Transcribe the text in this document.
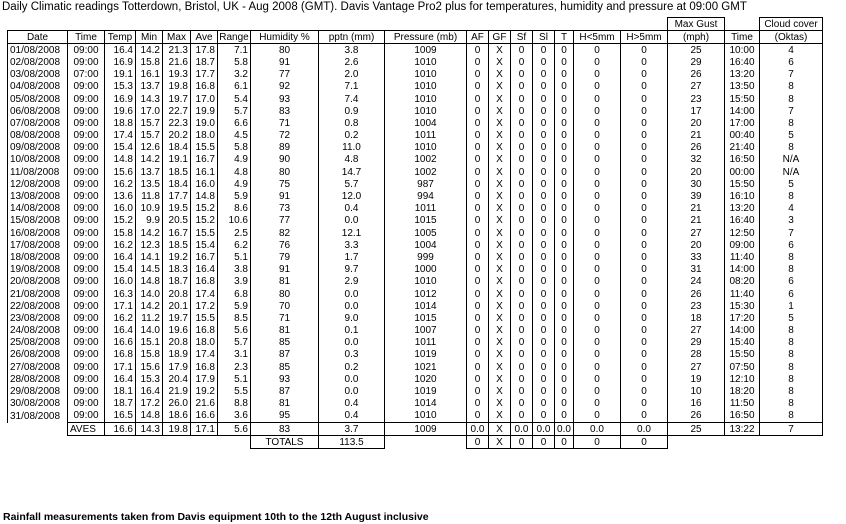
Daily Climatic readings Totterdown, Bristol, UK - Aug 2008 (GMT). Davis Vantage Pro2 plus for temperatures, humidity and pressure at 09:00 GMT
																	Max Gust		Cloud cover
Date	Time	Temp	Min	Max	Ave	Range	Humidity %	pptn (mm)	Pressure (mb)	AF	GF	Sf	Sl	T	H<5mm	H>5mm	(mph)	Time	(Oktas)
01/08/2008	09:00	16.4	14.2	21.3	17.8	7.1	80	3.8	1009	0	X	0	0	0	0	0	25	10:00	4
02/08/2008	09:00	16.9	15.8	21.6	18.7	5.8	91	2.6	1010	0	X	0	0	0	0	0	29	16:40	6
03/08/2008	07:00	19.1	16.1	19.3	17.7	3.2	77	2.0	1010	0	X	0	0	0	0	0	26	13:20	7
04/08/2008	09:00	15.3	13.7	19.8	16.8	6.1	92	7.1	1010	0	X	0	0	0	0	0	27	13:50	8
05/08/2008	09:00	16.9	14.3	19.7	17.0	5.4	93	7.4	1010	0	X	0	0	0	0	0	23	15:50	8
06/08/2008	09:00	19.6	17.0	22.7	19.9	5.7	83	0.9	1010	0	X	0	0	0	0	0	17	14:00	7
07/08/2008	09:00	18.8	15.7	22.3	19.0	6.6	71	0.8	1004	0	X	0	0	0	0	0	20	17:00	8
08/08/2008	09:00	17.4	15.7	20.2	18.0	4.5	72	0.2	1011	0	X	0	0	0	0	0	21	00:40	5
09/08/2008	09:00	15.4	12.6	18.4	15.5	5.8	89	11.0	1010	0	X	0	0	0	0	0	26	21:40	8
10/08/2008	09:00	14.8	14.2	19.1	16.7	4.9	90	4.8	1002	0	X	0	0	0	0	0	32	16:50	N/A
11/08/2008	09:00	15.6	13.7	18.5	16.1	4.8	80	14.7	1002	0	X	0	0	0	0	0	20	00:00	N/A
12/08/2008	09:00	16.2	13.5	18.4	16.0	4.9	75	5.7	987	0	X	0	0	0	0	0	30	15:50	5
13/08/2008	09:00	13.6	11.8	17.7	14.8	5.9	91	12.0	994	0	X	0	0	0	0	0	39	16:10	8
14/08/2008	09:00	16.0	10.9	19.5	15.2	8.6	73	0.4	1011	0	X	0	0	0	0	0	21	13:20	4
15/08/2008	09:00	15.2	9.9	20.5	15.2	10.6	77	0.0	1015	0	X	0	0	0	0	0	21	16:40	3
16/08/2008	09:00	15.8	14.2	16.7	15.5	2.5	82	12.1	1005	0	X	0	0	0	0	0	27	12:50	7
17/08/2008	09:00	16.2	12.3	18.5	15.4	6.2	76	3.3	1004	0	X	0	0	0	0	0	20	09:00	6
18/08/2008	09:00	16.4	14.1	19.2	16.7	5.1	79	1.7	999	0	X	0	0	0	0	0	33	11:40	8
19/08/2008	09:00	15.4	14.5	18.3	16.4	3.8	91	9.7	1000	0	X	0	0	0	0	0	31	14:00	8
20/08/2008	09:00	16.0	14.8	18.7	16.8	3.9	81	2.9	1010	0	X	0	0	0	0	0	24	08:20	6
21/08/2008	09:00	16.3	14.0	20.8	17.4	6.8	80	0.0	1012	0	X	0	0	0	0	0	26	11:40	6
22/08/2008	09:00	17.1	14.2	20.1	17.2	5.9	70	0.0	1014	0	X	0	0	0	0	0	23	15:30	1
23/08/2008	09:00	16.2	11.2	19.7	15.5	8.5	71	9.0	1015	0	X	0	0	0	0	0	18	17:20	5
24/08/2008	09:00	16.4	14.0	19.6	16.8	5.6	81	0.1	1007	0	X	0	0	0	0	0	27	14:00	8
25/08/2008	09:00	16.6	15.1	20.8	18.0	5.7	85	0.0	1011	0	X	0	0	0	0	0	29	15:40	8
26/08/2008	09:00	16.8	15.8	18.9	17.4	3.1	87	0.3	1019	0	X	0	0	0	0	0	28	15:50	8
27/08/2008	09:00	17.1	15.6	17.9	16.8	2.3	85	0.2	1021	0	X	0	0	0	0	0	27	07:50	8
28/08/2008	09:00	16.4	15.3	20.4	17.9	5.1	93	0.0	1020	0	X	0	0	0	0	0	19	12:10	8
29/08/2008	09:00	18.1	16.4	21.9	19.2	5.5	87	0.0	1019	0	X	0	0	0	0	0	10	18:20	8
30/08/2008	09:00	18.7	17.2	26.0	21.6	8.8	81	0.4	1014	0	X	0	0	0	0	0	16	11:50	8
31/08/2008	09:00	16.5	14.8	18.6	16.6	3.6	95	0.4	1010	0	X	0	0	0	0	0	26	16:50	8
	AVES	16.6	14.3	19.8	17.1	5.6	83	3.7	1009	0.0	X	0.0	0.0	0.0	0.0	0.0	25	13:22	7
							TOTALS	113.5		0	X	0	0	0	0	0			
Rainfall measurements taken from Davis equipment 10th to the 12th August inclusive
